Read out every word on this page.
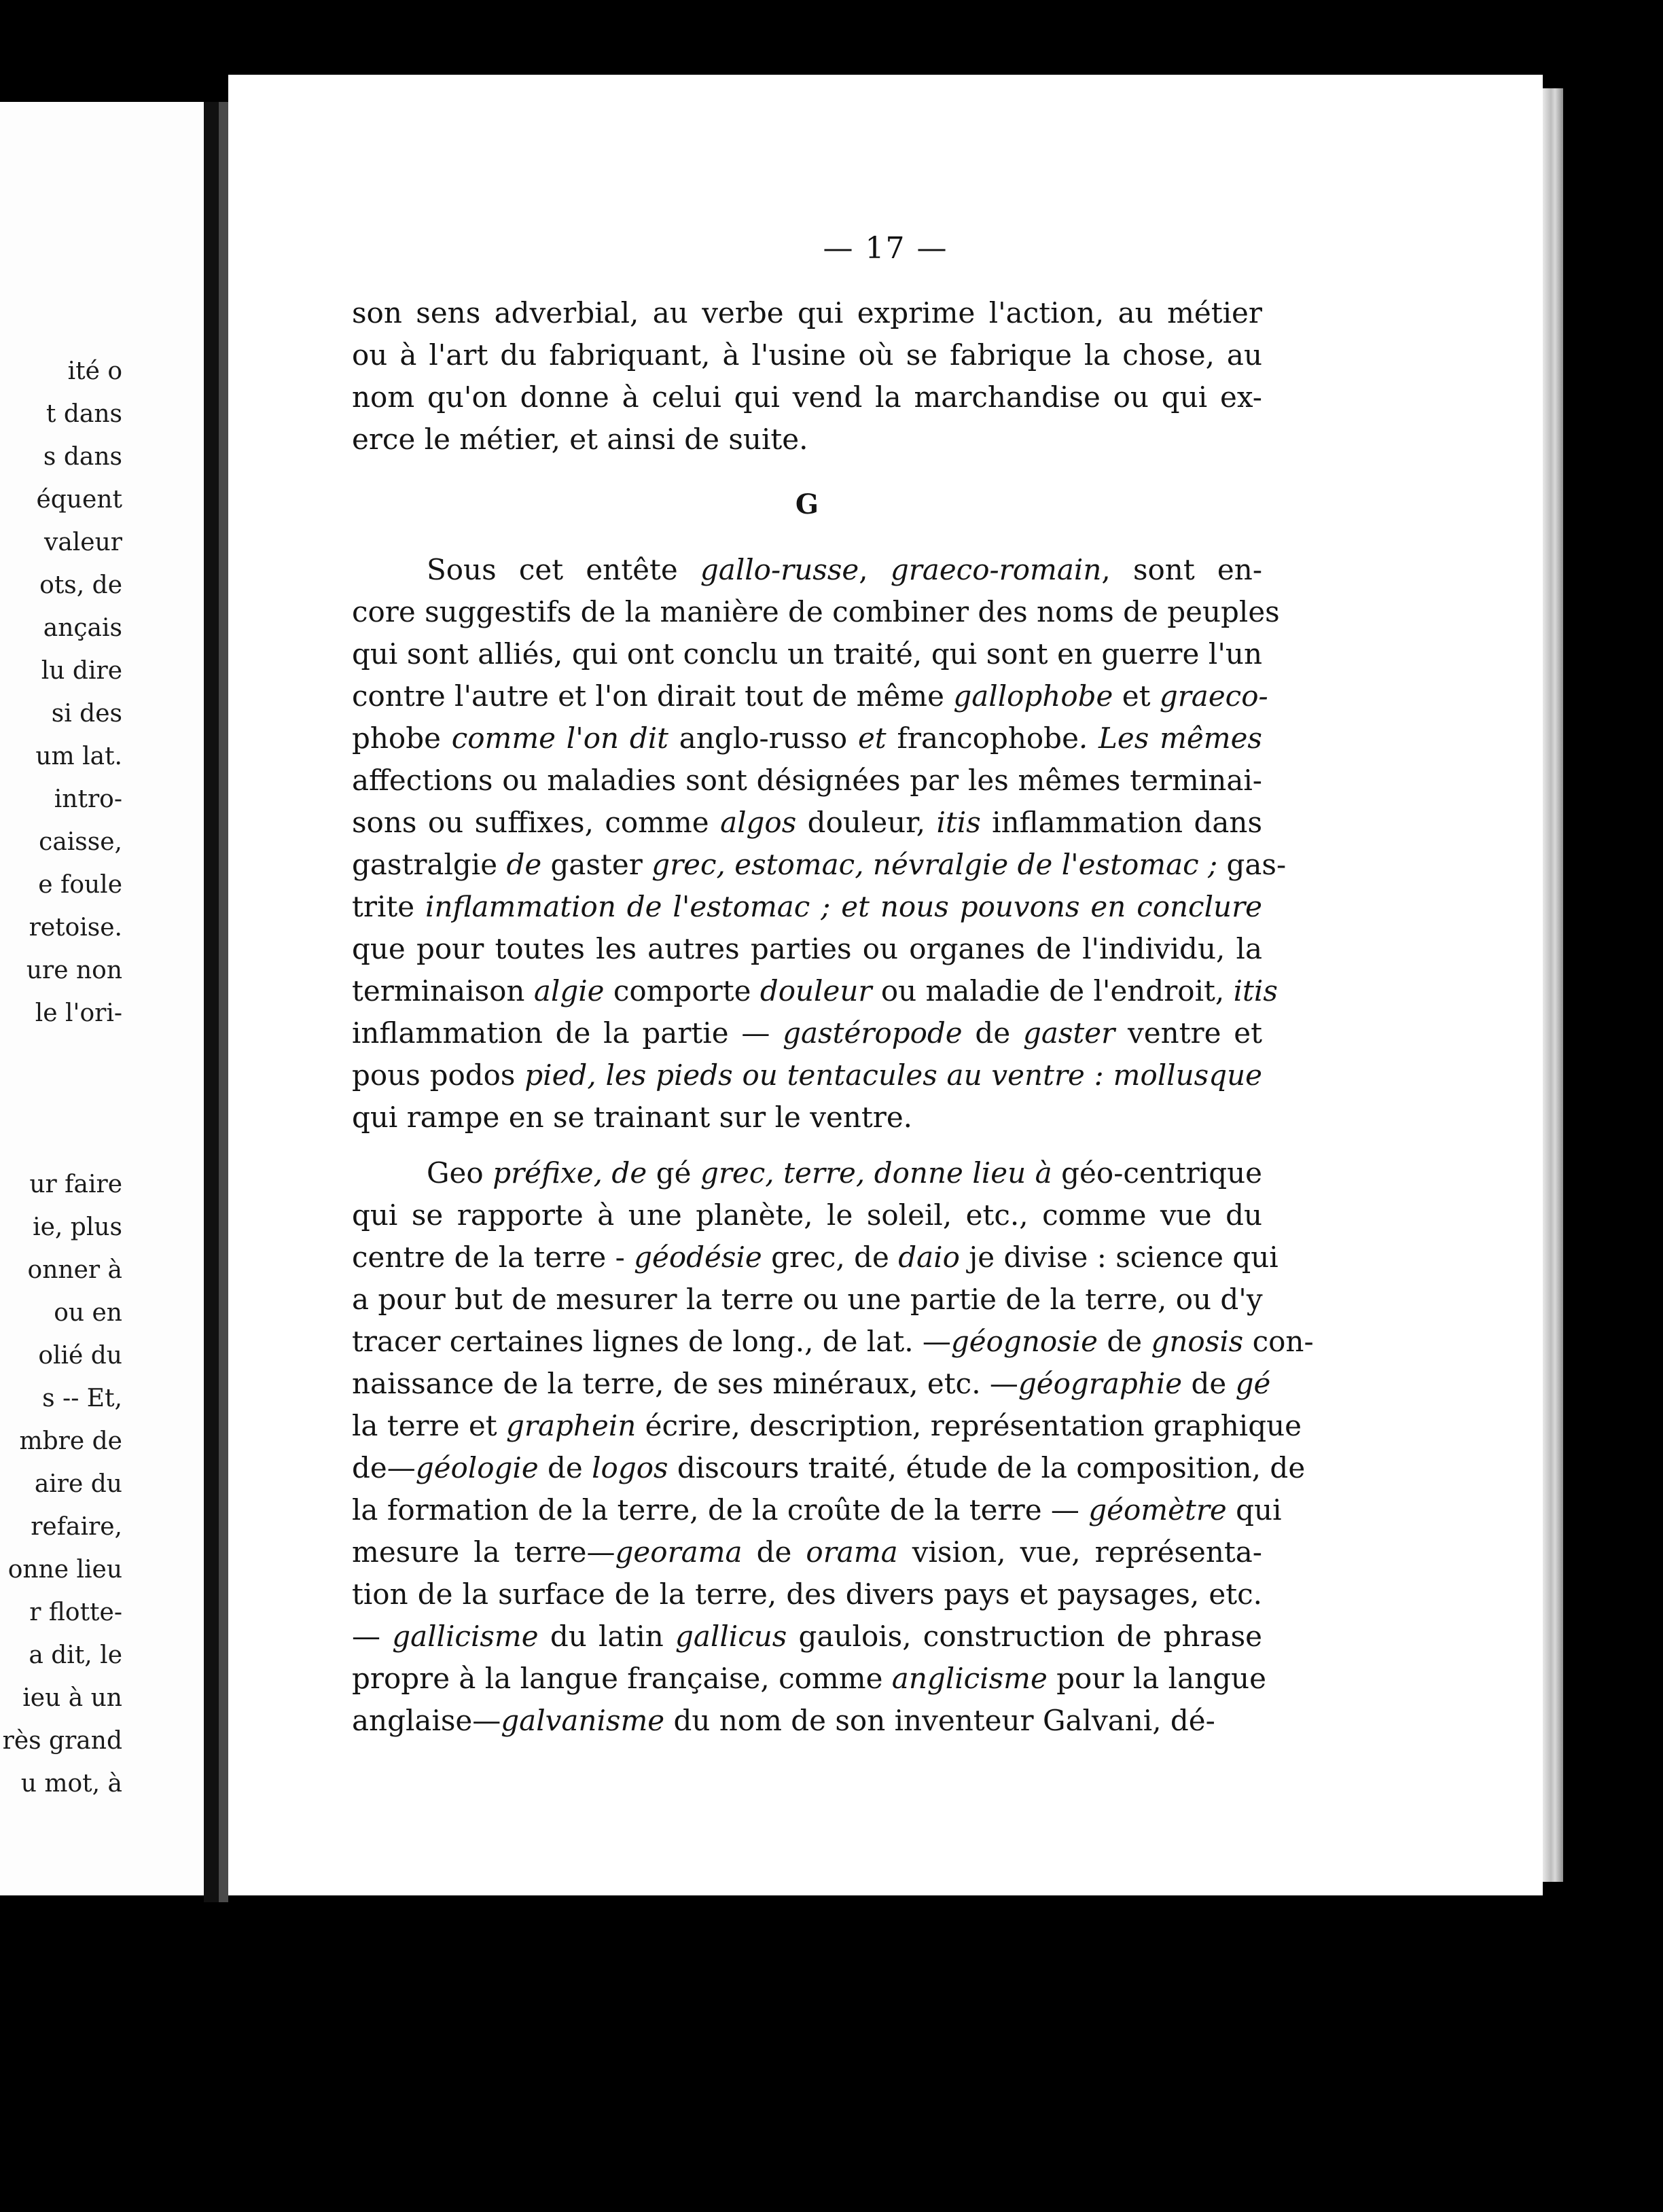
ité o
t dans
s dans
équent
valeur
ots, de
ançais
lu dire
si des
um lat.
intro-
caisse,
e foule
retoise.
ure non
le l'ori-
ur faire
ie, plus
onner à
ou en
olié du
s -- Et,
mbre de
aire du
refaire,
onne lieu
r flotte-
a dit, le
ieu à un
rès grand
u mot, à
— 17 —
son sens adverbial, au verbe qui exprime l'action, au métier
ou à l'art du fabriquant, à l'usine où se fabrique la chose, au
nom qu'on donne à celui qui vend la marchandise ou qui ex-
erce le métier, et ainsi de suite.
G
Sous cet entête gallo-russe, graeco-romain, sont en-
core suggestifs de la manière de combiner des noms de peuples
qui sont alliés, qui ont conclu un traité, qui sont en guerre l'un
contre l'autre et l'on dirait tout de même gallophobe et graeco-
phobe comme l'on dit anglo-russo et francophobe. Les mêmes
affections ou maladies sont désignées par les mêmes terminai-
sons ou suffixes, comme algos douleur, itis inflammation dans
gastralgie de gaster grec, estomac, névralgie de l'estomac ; gas-
trite inflammation de l'estomac ; et nous pouvons en conclure
que pour toutes les autres parties ou organes de l'individu, la
terminaison algie comporte douleur ou maladie de l'endroit, itis
inflammation de la partie — gastéropode de gaster ventre et
pous podos pied, les pieds ou tentacules au ventre : mollusque
qui rampe en se trainant sur le ventre.
Geo préfixe, de gé grec, terre, donne lieu à géo-centrique
qui se rapporte à une planète, le soleil, etc., comme vue du
centre de la terre - géodésie grec, de daio je divise : science qui
a pour but de mesurer la terre ou une partie de la terre, ou d'y
tracer certaines lignes de long., de lat. —géognosie de gnosis con-
naissance de la terre, de ses minéraux, etc. —géographie de gé
la terre et graphein écrire, description, représentation graphique
de—géologie de logos discours traité, étude de la composition, de
la formation de la terre, de la croûte de la terre — géomètre qui
mesure la terre—georama de orama vision, vue, représenta-
tion de la surface de la terre, des divers pays et paysages, etc.
— gallicisme du latin gallicus gaulois, construction de phrase
propre à la langue française, comme anglicisme pour la langue
anglaise—galvanisme du nom de son inventeur Galvani, dé-
